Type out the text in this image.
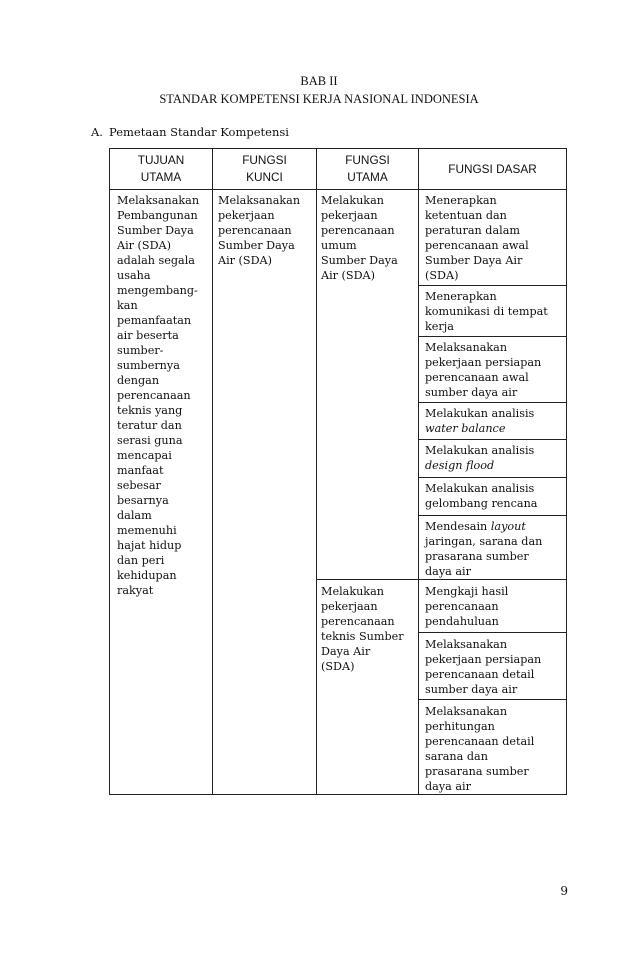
BAB II
STANDAR KOMPETENSI KERJA NASIONAL INDONESIA
A. Pemetaan Standar Kompetensi
TUJUAN
UTAMA
FUNGSI
KUNCI
FUNGSI
UTAMA
FUNGSI DASAR
Melaksanakan
Pembangunan
Sumber Daya
Air (SDA)
adalah segala
usaha
mengembang-
kan
pemanfaatan
air beserta
sumber-
sumbernya
dengan
perencanaan
teknis yang
teratur dan
serasi guna
mencapai
manfaat
sebesar
besarnya
dalam
memenuhi
hajat hidup
dan peri
kehidupan
rakyat
Melaksanakan
pekerjaan
perencanaan
Sumber Daya
Air (SDA)
Melakukan
pekerjaan
perencanaan
umum
Sumber Daya
Air (SDA)
Melakukan
pekerjaan
perencanaan
teknis Sumber
Daya Air
(SDA)
Menerapkan
ketentuan dan
peraturan dalam
perencanaan awal
Sumber Daya Air
(SDA)
Menerapkan
komunikasi di tempat
kerja
Melaksanakan
pekerjaan persiapan
perencanaan awal
sumber daya air
Melakukan analisis
water balance
Melakukan analisis
design flood
Melakukan analisis
gelombang rencana
Mendesain layout
jaringan, sarana dan
prasarana sumber
daya air
Mengkaji hasil
perencanaan
pendahuluan
Melaksanakan
pekerjaan persiapan
perencanaan detail
sumber daya air
Melaksanakan
perhitungan
perencanaan detail
sarana dan
prasarana sumber
daya air
9
